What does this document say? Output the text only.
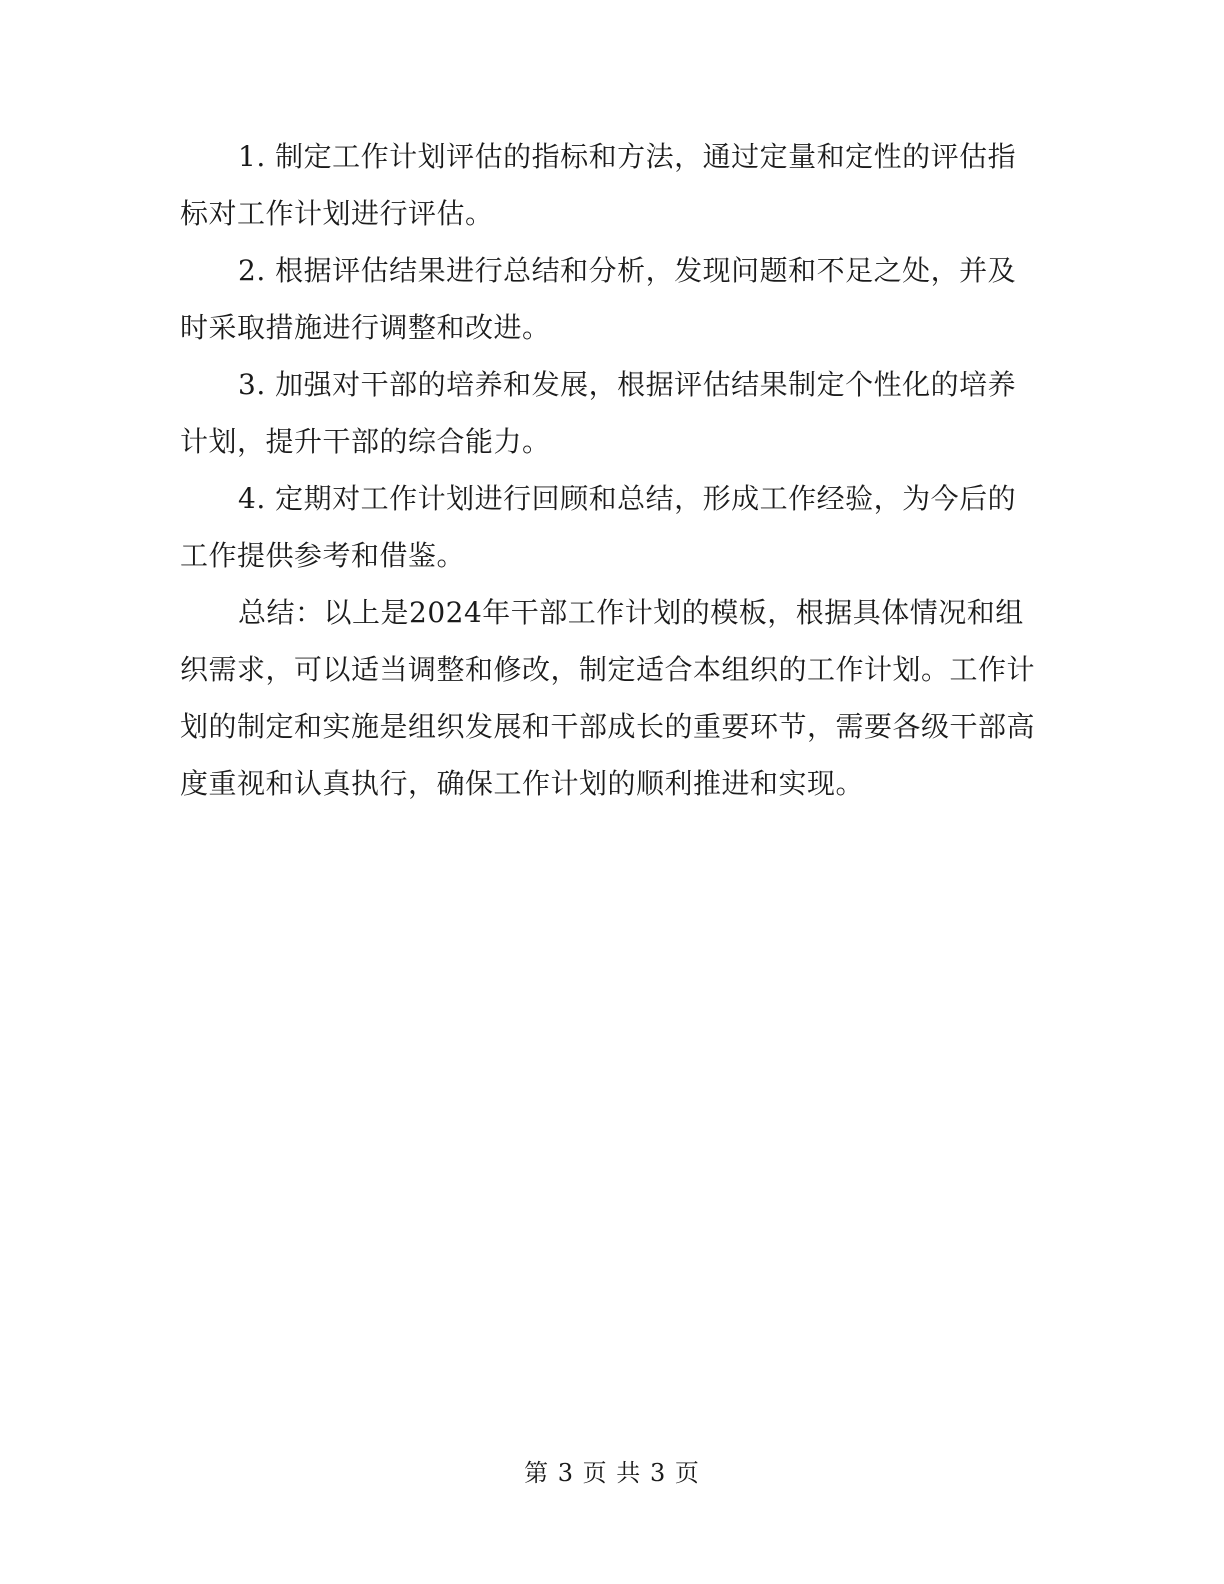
1. 制定工作计划评估的指标和方法，通过定量和定性的评估指标对工作计划进行评估。

2. 根据评估结果进行总结和分析，发现问题和不足之处，并及时采取措施进行调整和改进。

3. 加强对干部的培养和发展，根据评估结果制定个性化的培养计划，提升干部的综合能力。

4. 定期对工作计划进行回顾和总结，形成工作经验，为今后的工作提供参考和借鉴。

总结：以上是2024年干部工作计划的模板，根据具体情况和组织需求，可以适当调整和修改，制定适合本组织的工作计划。工作计划的制定和实施是组织发展和干部成长的重要环节，需要各级干部高度重视和认真执行，确保工作计划的顺利推进和实现。

第 3 页 共 3 页
